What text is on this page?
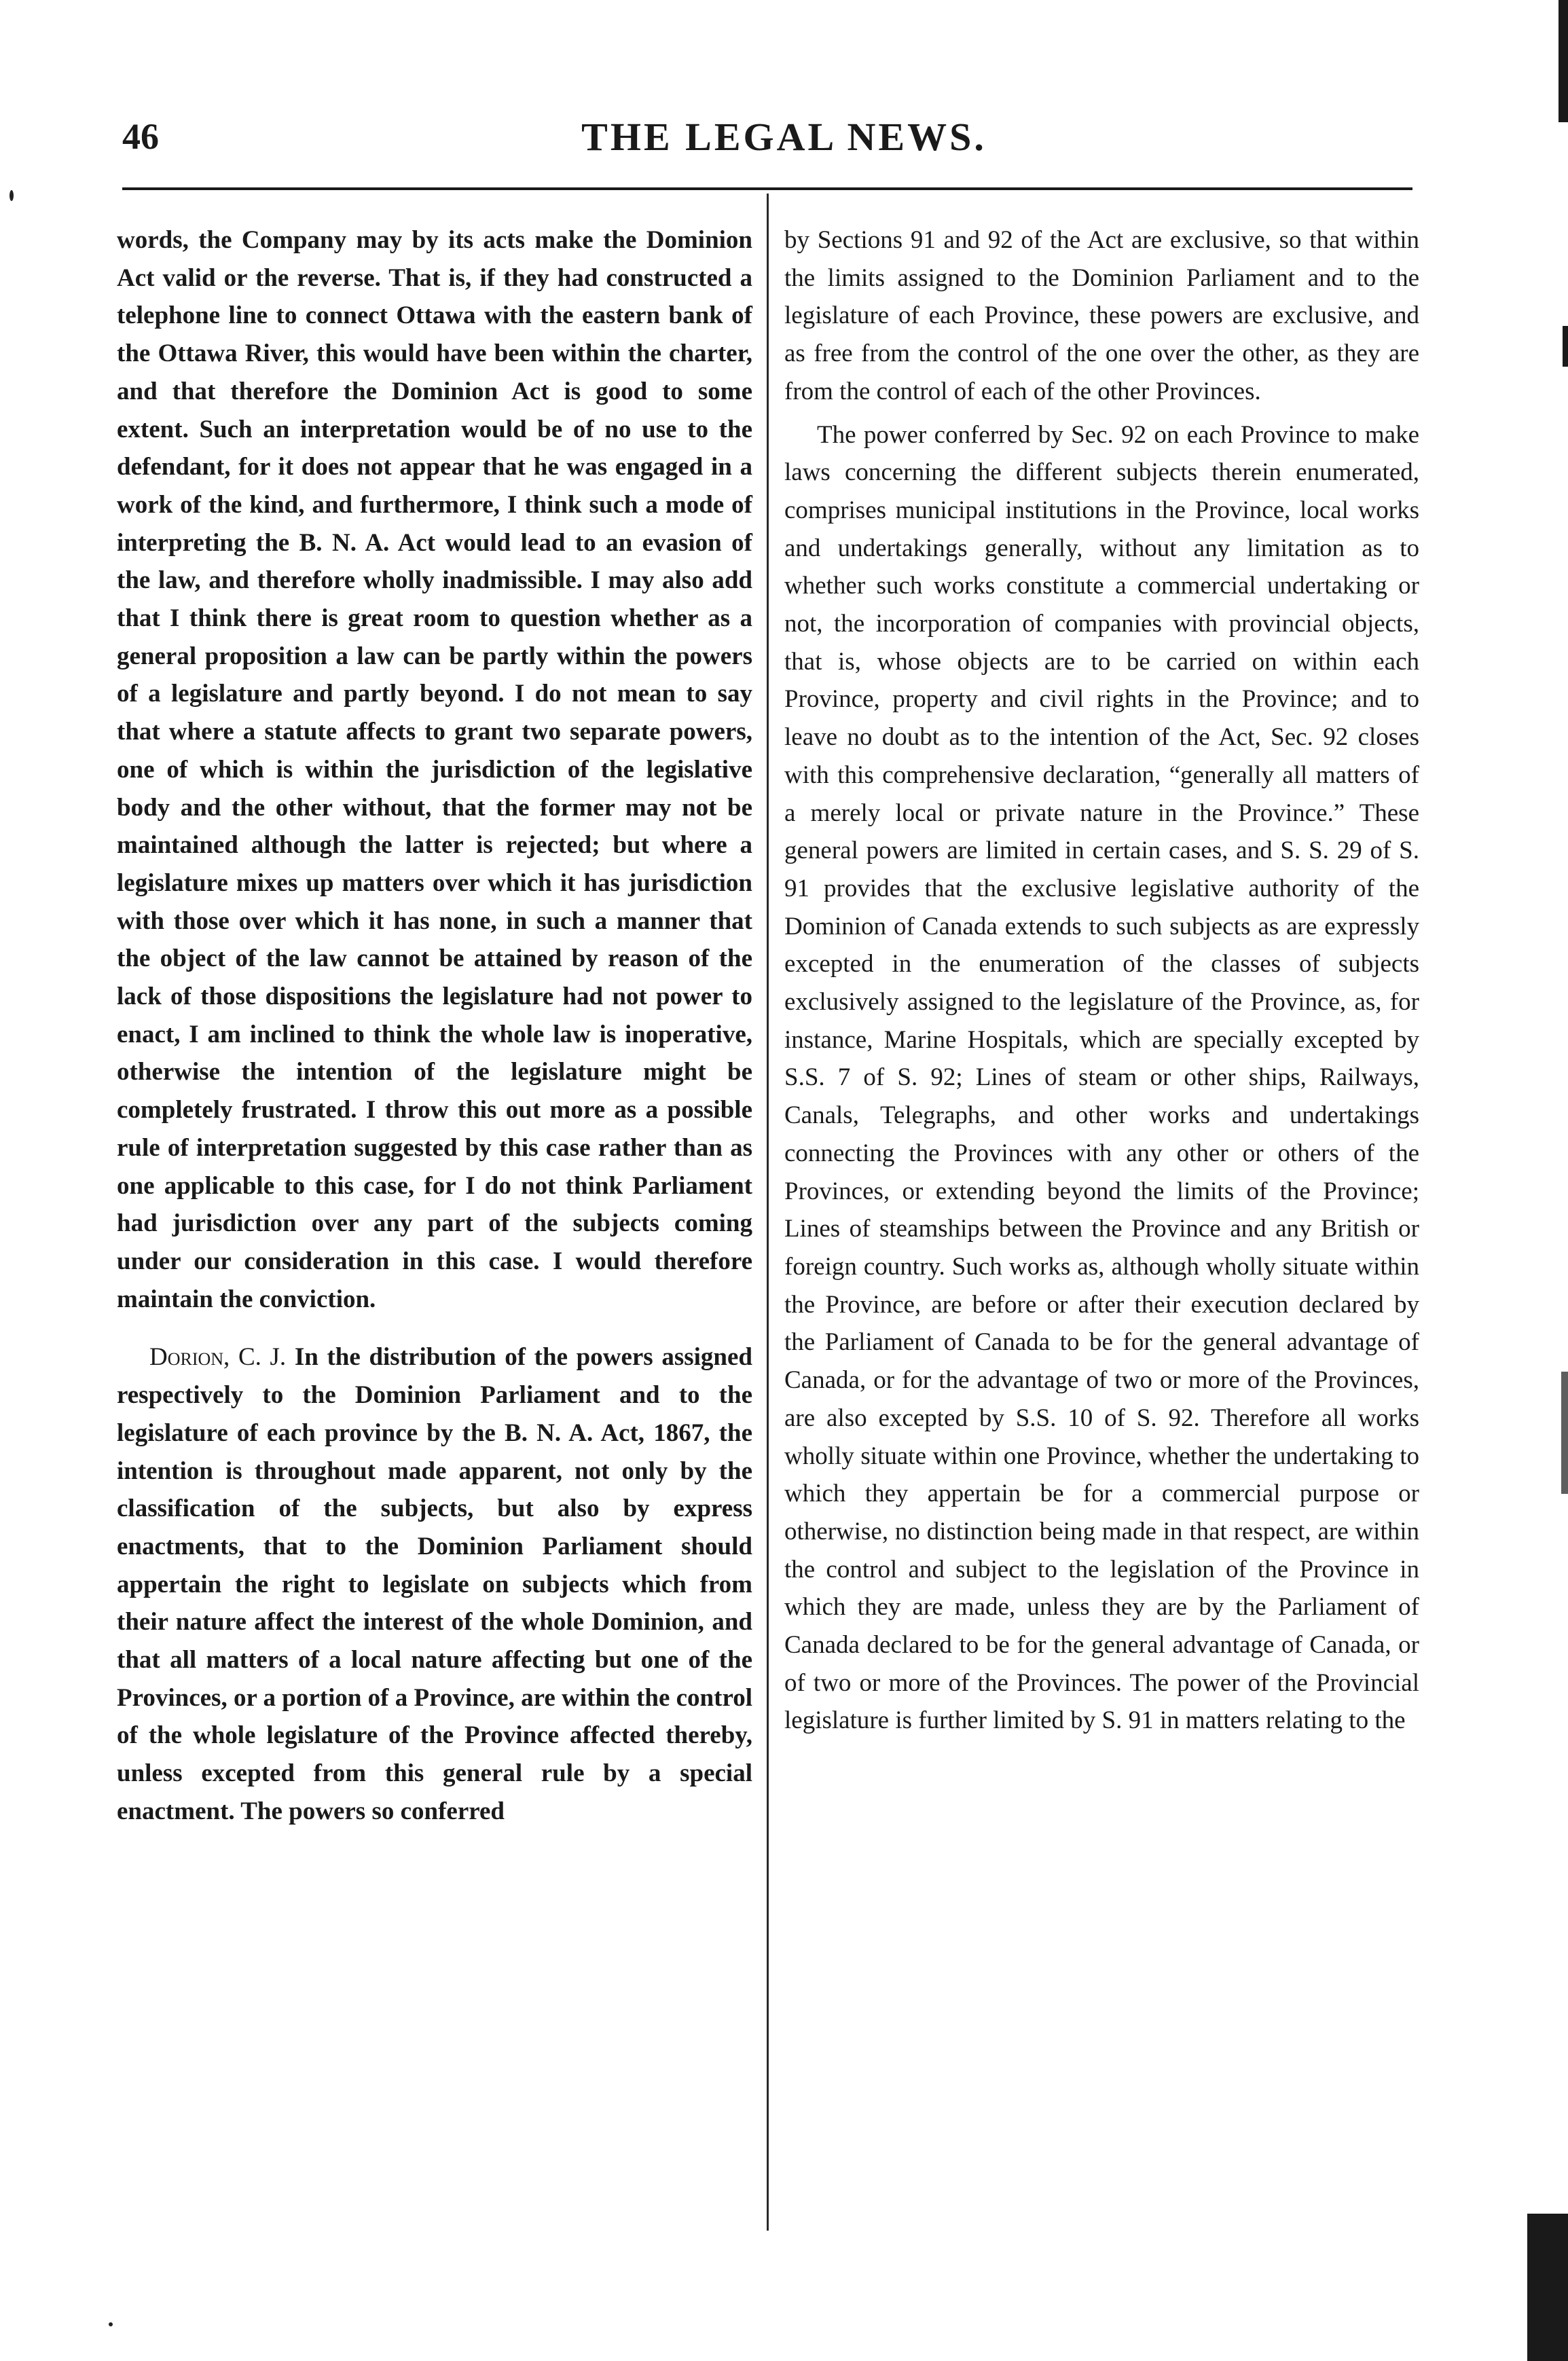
46	THE LEGAL NEWS.

words, the Company may by its acts make the Dominion Act valid or the reverse. That is, if they had constructed a telephone line to connect Ottawa with the eastern bank of the Ottawa River, this would have been within the charter, and that therefore the Dominion Act is good to some extent. Such an interpretation would be of no use to the defendant, for it does not appear that he was engaged in a work of the kind, and furthermore, I think such a mode of interpreting the B. N. A. Act would lead to an evasion of the law, and therefore wholly inadmissible. I may also add that I think there is great room to question whether as a general proposition a law can be partly within the powers of a legislature and partly beyond. I do not mean to say that where a statute affects to grant two separate powers, one of which is within the jurisdiction of the legislative body and the other without, that the former may not be maintained although the latter is rejected; but where a legislature mixes up matters over which it has jurisdiction with those over which it has none, in such a manner that the object of the law cannot be attained by reason of the lack of those dispositions the legislature had not power to enact, I am inclined to think the whole law is inoperative, otherwise the intention of the legislature might be completely frustrated. I throw this out more as a possible rule of interpretation suggested by this case rather than as one applicable to this case, for I do not think Parliament had jurisdiction over any part of the subjects coming under our consideration in this case. I would therefore maintain the conviction.

Dorion, C. J. In the distribution of the powers assigned respectively to the Dominion Parliament and to the legislature of each province by the B. N. A. Act, 1867, the intention is throughout made apparent, not only by the classification of the subjects, but also by express enactments, that to the Dominion Parliament should appertain the right to legislate on subjects which from their nature affect the interest of the whole Dominion, and that all matters of a local nature affecting but one of the Provinces, or a portion of a Province, are within the control of the whole legislature of the Province affected thereby, unless excepted from this general rule by a special enactment. The powers so conferred

by Sections 91 and 92 of the Act are exclusive, so that within the limits assigned to the Dominion Parliament and to the legislature of each Province, these powers are exclusive, and as free from the control of the one over the other, as they are from the control of each of the other Provinces.

The power conferred by Sec. 92 on each Province to make laws concerning the different subjects therein enumerated, comprises municipal institutions in the Province, local works and undertakings generally, without any limitation as to whether such works constitute a commercial undertaking or not, the incorporation of companies with provincial objects, that is, whose objects are to be carried on within each Province, property and civil rights in the Province; and to leave no doubt as to the intention of the Act, Sec. 92 closes with this comprehensive declaration, “generally all matters of a merely local or private nature in the Province.” These general powers are limited in certain cases, and S. S. 29 of S. 91 provides that the exclusive legislative authority of the Dominion of Canada extends to such subjects as are expressly excepted in the enumeration of the classes of subjects exclusively assigned to the legislature of the Province, as, for instance, Marine Hospitals, which are specially excepted by S.S. 7 of S. 92; Lines of steam or other ships, Railways, Canals, Telegraphs, and other works and undertakings connecting the Provinces with any other or others of the Provinces, or extending beyond the limits of the Province; Lines of steamships between the Province and any British or foreign country. Such works as, although wholly situate within the Province, are before or after their execution declared by the Parliament of Canada to be for the general advantage of Canada, or for the advantage of two or more of the Provinces, are also excepted by S.S. 10 of S. 92. Therefore all works wholly situate within one Province, whether the undertaking to which they appertain be for a commercial purpose or otherwise, no distinction being made in that respect, are within the control and subject to the legislation of the Province in which they are made, unless they are by the Parliament of Canada declared to be for the general advantage of Canada, or of two or more of the Provinces. The power of the Provincial legislature is further limited by S. 91 in matters relating to the
